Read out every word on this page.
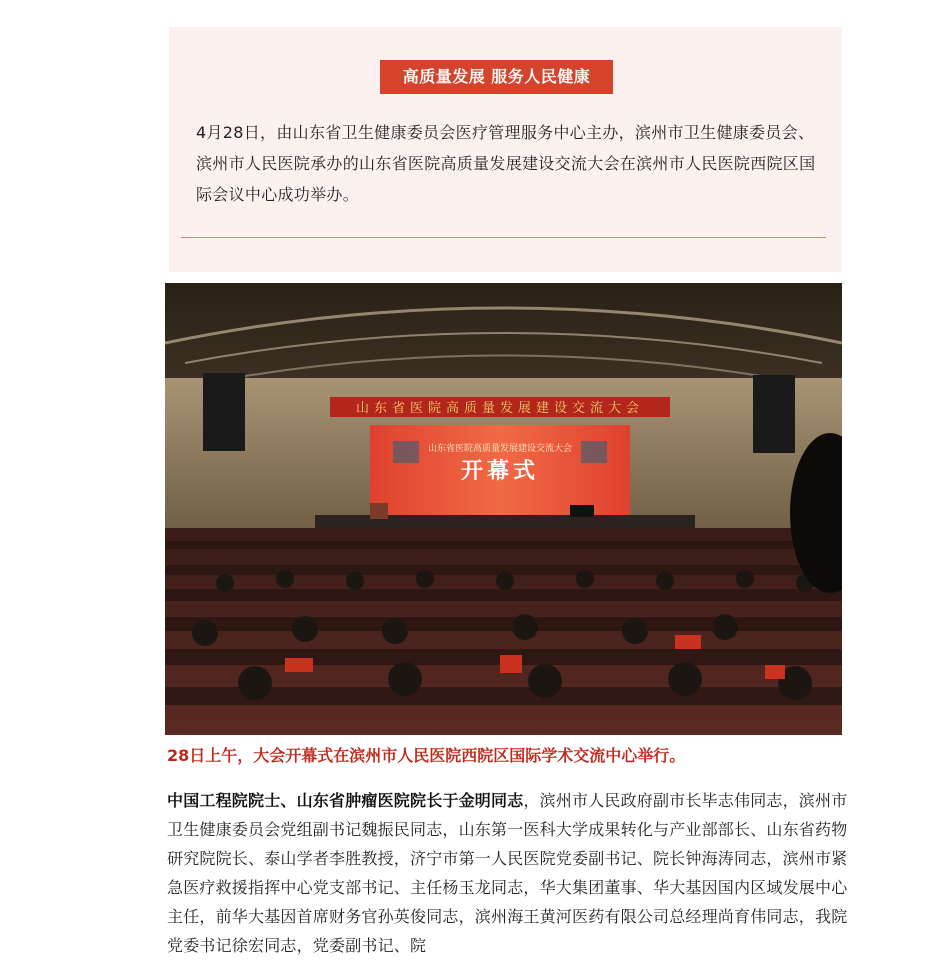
高质量发展 服务人民健康

4月28日，由山东省卫生健康委员会医疗管理服务中心主办，滨州市卫生健康委员会、滨州市人民医院承办的山东省医院高质量发展建设交流大会在滨州市人民医院西院区国际会议中心成功举办。

山东省医院高质量发展建设交流大会
山东省医院高质量发展建设交流大会
开幕式

28日上午，大会开幕式在滨州市人民医院西院区国际学术交流中心举行。

中国工程院院士、山东省肿瘤医院院长于金明同志，滨州市人民政府副市长毕志伟同志，滨州市卫生健康委员会党组副书记魏振民同志，山东第一医科大学成果转化与产业部部长、山东省药物研究院院长、泰山学者李胜教授，济宁市第一人民医院党委副书记、院长钟海涛同志，滨州市紧急医疗救援指挥中心党支部书记、主任杨玉龙同志，华大集团董事、华大基因国内区域发展中心主任，前华大基因首席财务官孙英俊同志，滨州海王黄河医药有限公司总经理尚育伟同志，我院党委书记徐宏同志，党委副书记、院
